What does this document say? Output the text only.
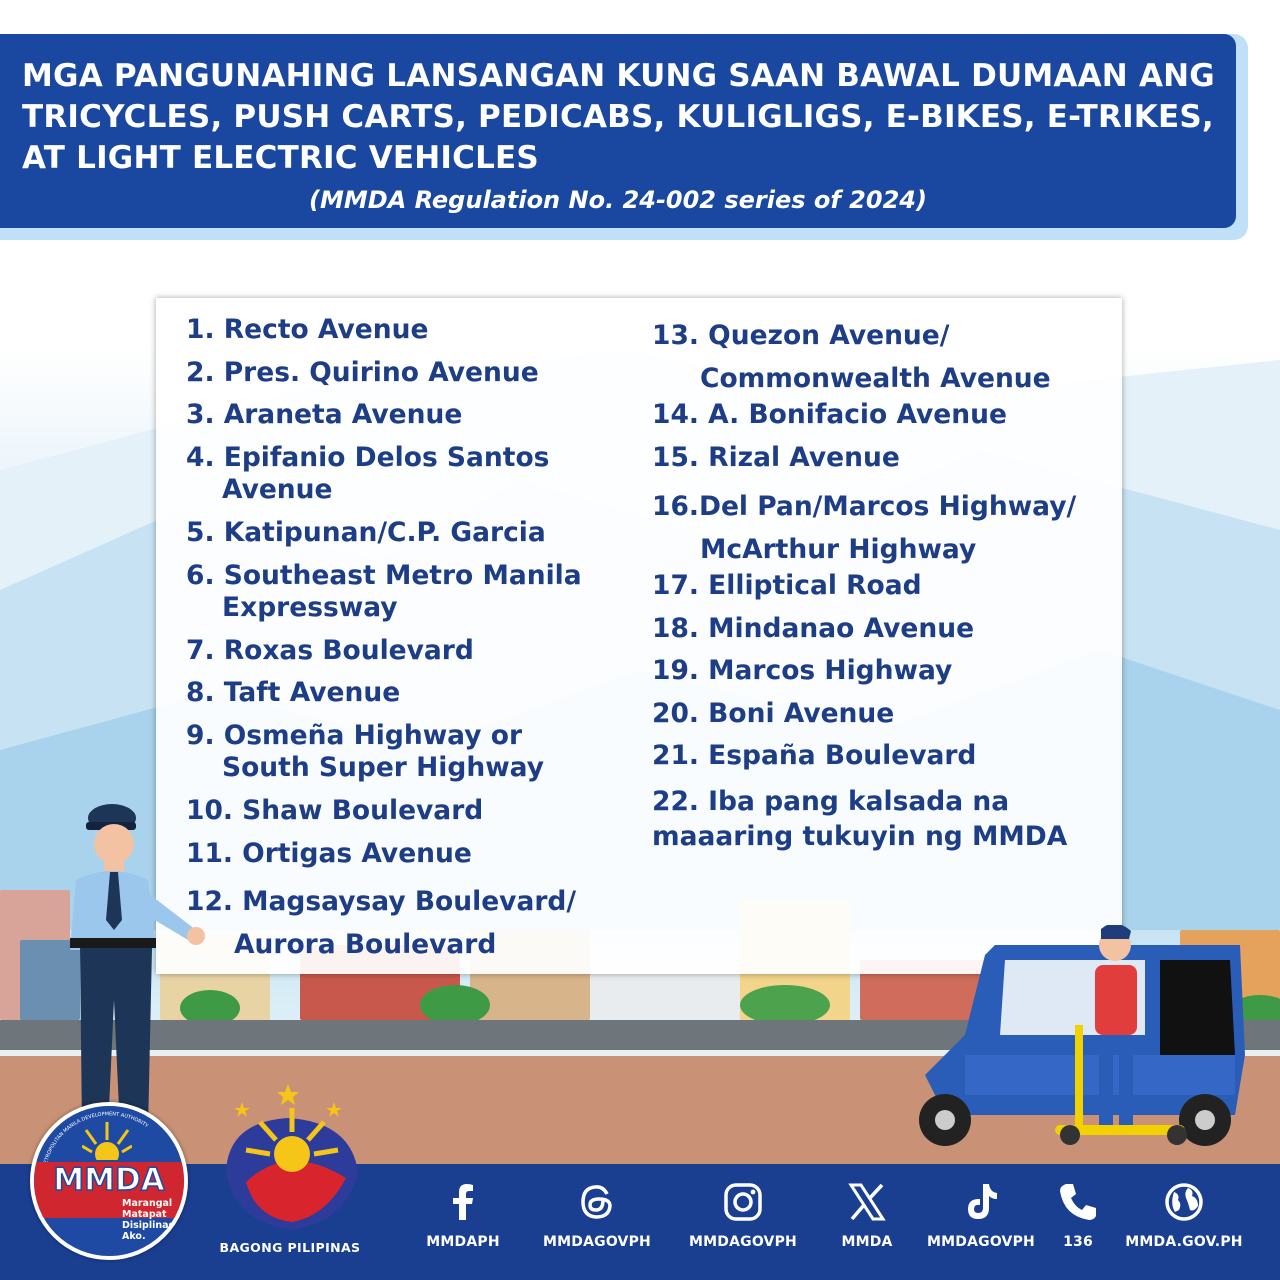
MGA PANGUNAHING LANSANGAN KUNG SAAN BAWAL DUMAAN ANG TRICYCLES, PUSH CARTS, PEDICABS, KULIGLIGS, E-BIKES, E-TRIKES, AT LIGHT ELECTRIC VEHICLES
(MMDA Regulation No. 24-002 series of 2024)
1. Recto Avenue
2. Pres. Quirino Avenue
3. Araneta Avenue
4. Epifanio Delos Santos
Avenue
5. Katipunan/C.P. Garcia
6. Southeast Metro Manila
Expressway
7. Roxas Boulevard
8. Taft Avenue
9. Osmeña Highway or
South Super Highway
10. Shaw Boulevard
11. Ortigas Avenue
12. Magsaysay Boulevard/
Aurora Boulevard
13. Quezon Avenue/
Commonwealth Avenue
14. A. Bonifacio Avenue
15. Rizal Avenue
16.Del Pan/Marcos Highway/
McArthur Highway
17. Elliptical Road
18. Mindanao Avenue
19. Marcos Highway
20. Boni Avenue
21. España Boulevard
22. Iba pang kalsada na
maaaring tukuyin ng MMDA
TROPOLITAN MANILA DEVELOPMENT AUTHORITY
MMDA
Marangal Matapat Disiplinado Ako.
BAGONG PILIPINAS	MMDAPH	MMDAGOVPH	MMDAGOVPH	MMDA	MMDAGOVPH	136	MMDA.GOV.PH
